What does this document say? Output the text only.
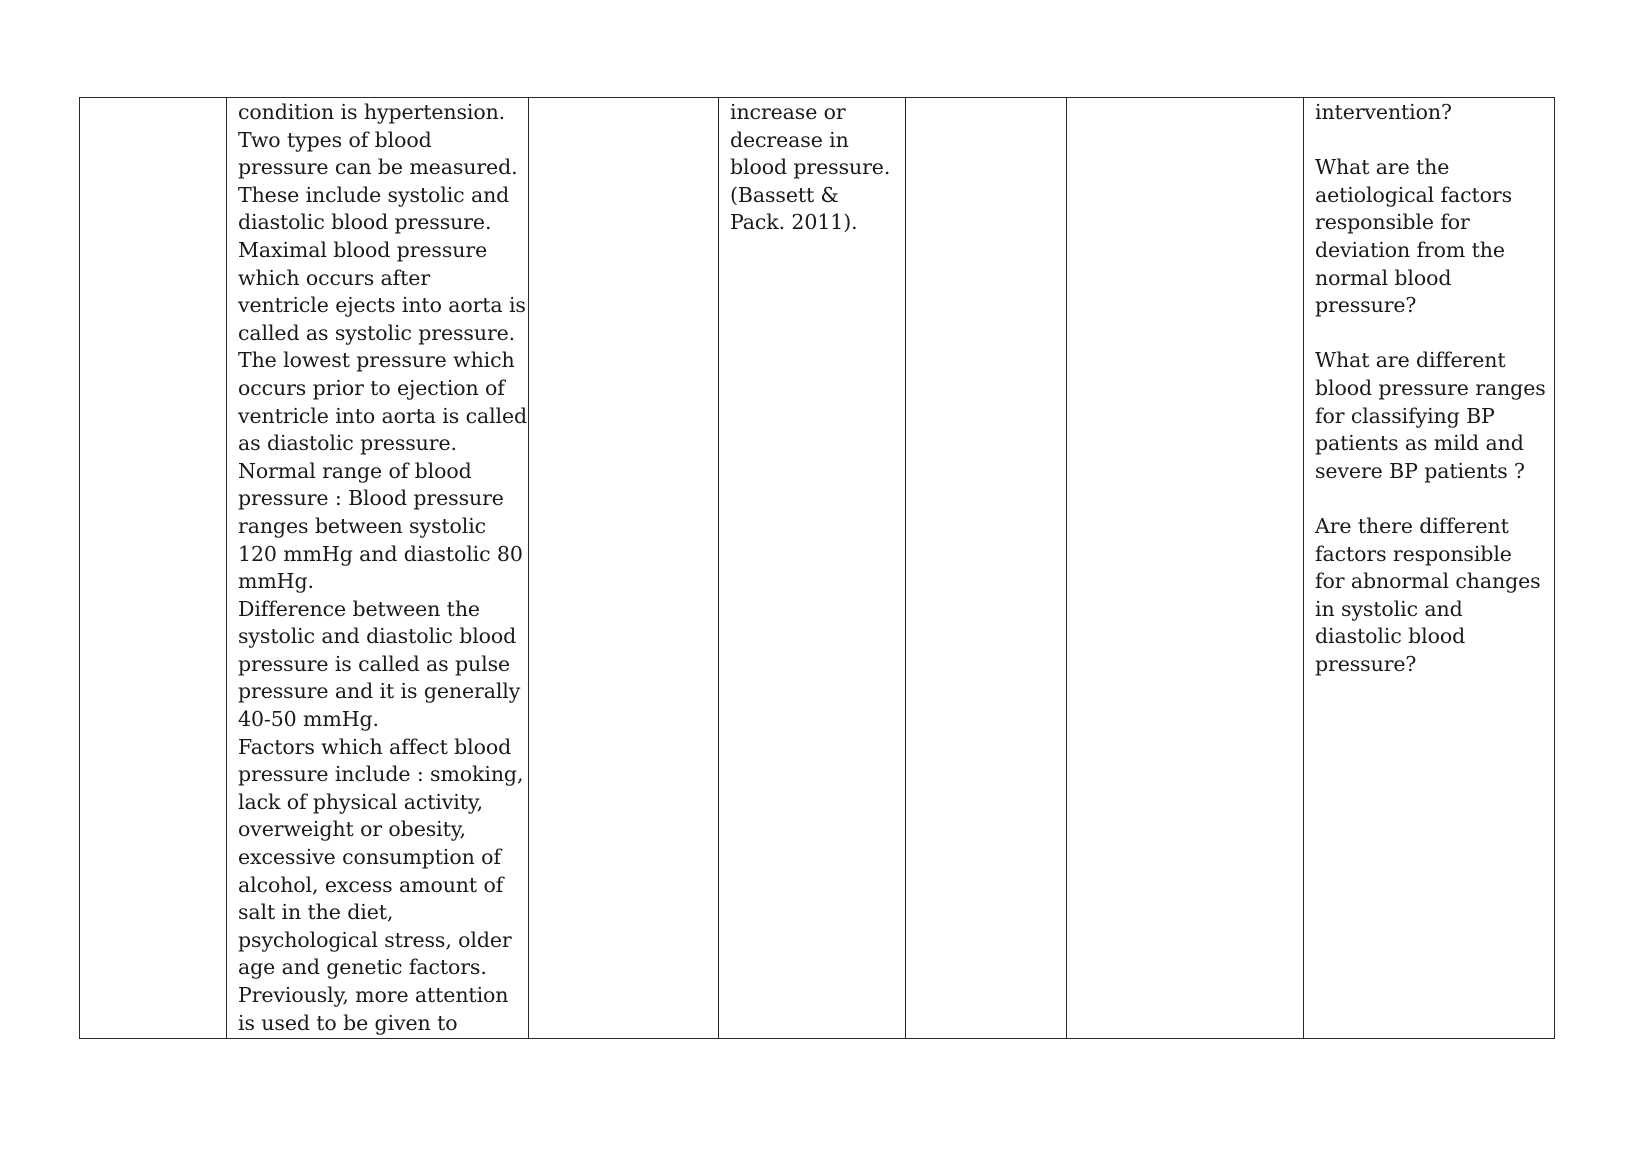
condition is hypertension.
Two types of blood
pressure can be measured.
These include systolic and
diastolic blood pressure.
Maximal blood pressure
which occurs after
ventricle ejects into aorta is
called as systolic pressure.
The lowest pressure which
occurs prior to ejection of
ventricle into aorta is called
as diastolic pressure.
Normal range of blood
pressure : Blood pressure
ranges between systolic
120 mmHg and diastolic 80
mmHg.
Difference between the
systolic and diastolic blood
pressure is called as pulse
pressure and it is generally
40-50 mmHg.
Factors which affect blood
pressure include : smoking,
lack of physical activity,
overweight or obesity,
excessive consumption of
alcohol, excess amount of
salt in the diet,
psychological stress, older
age and genetic factors.
Previously, more attention
is used to be given to

increase or
decrease in
blood pressure.
(Bassett &
Pack. 2011).

intervention?
What are the
aetiological factors
responsible for
deviation from the
normal blood
pressure?
What are different
blood pressure ranges
for classifying BP
patients as mild and
severe BP patients ?
Are there different
factors responsible
for abnormal changes
in systolic and
diastolic blood
pressure?
